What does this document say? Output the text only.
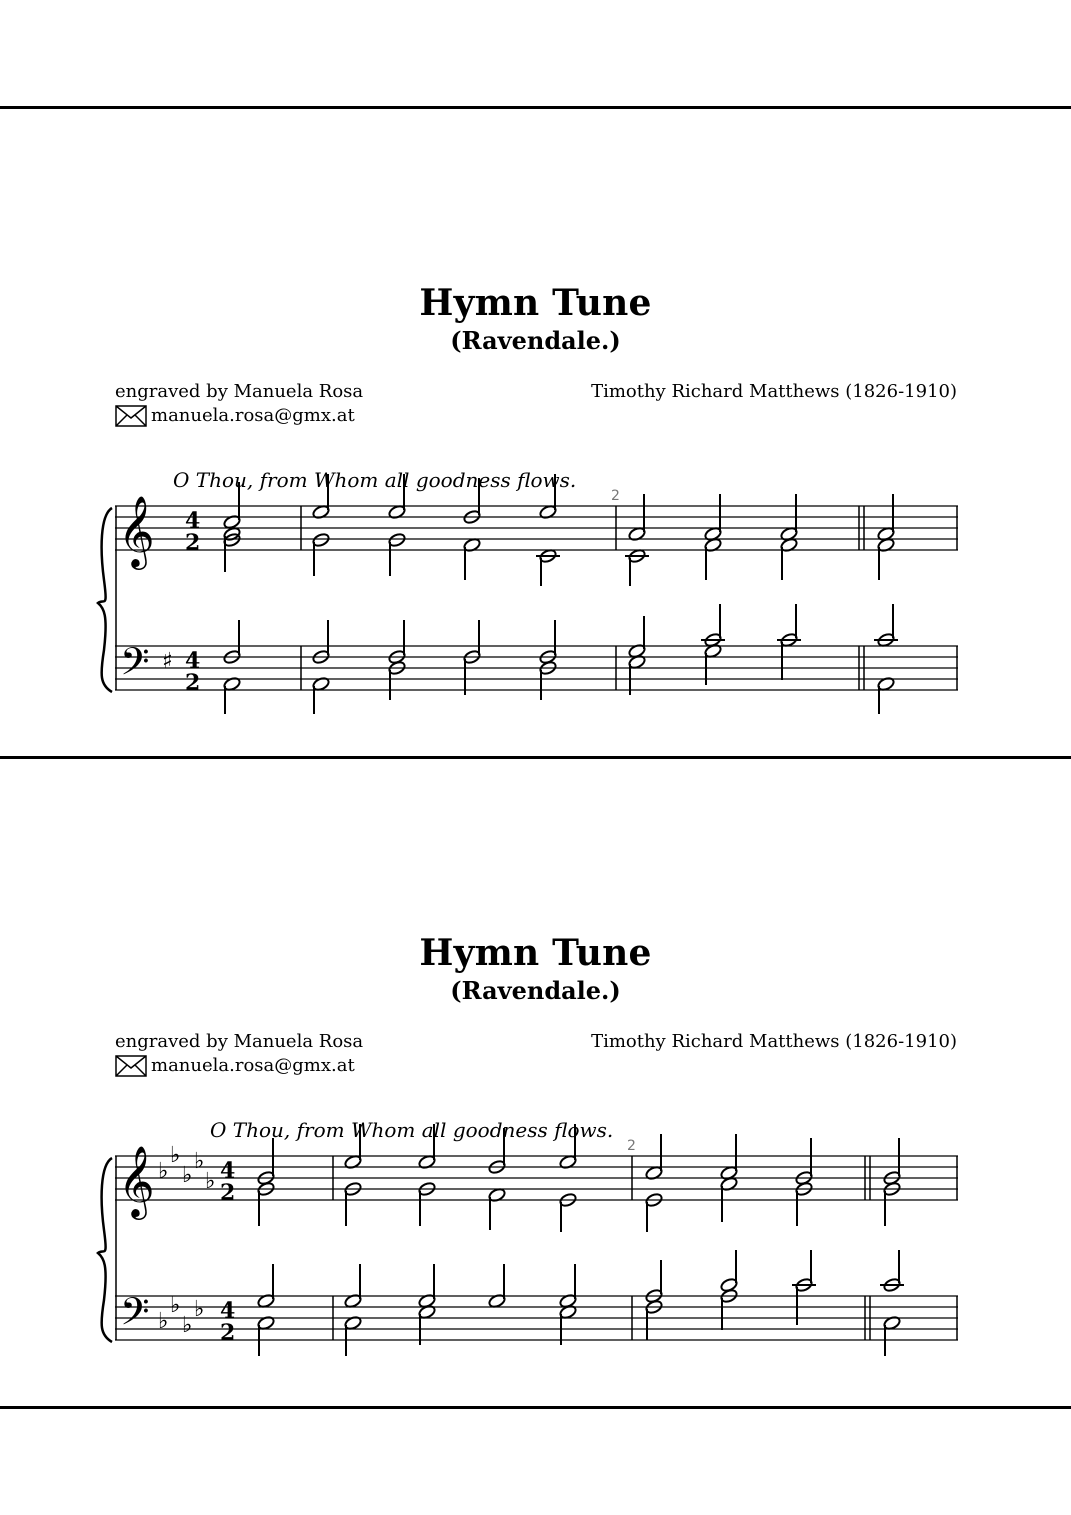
Hymn Tune
(Ravendale.)
engraved by Manuela Rosa
manuela.rosa@gmx.at
Timothy Richard Matthews (1826-1910)
O Thou, from Whom all goodness flows.
𝄞
𝄢 ♯
4
2
4
2
2
Hymn Tune
(Ravendale.)
engraved by Manuela Rosa
manuela.rosa@gmx.at
Timothy Richard Matthews (1826-1910)
O Thou, from Whom all goodness flows.
𝄞
𝄢
♭
♭
♭
♭
♭
♭
♭
♭
♭
4
2
4
2
2
